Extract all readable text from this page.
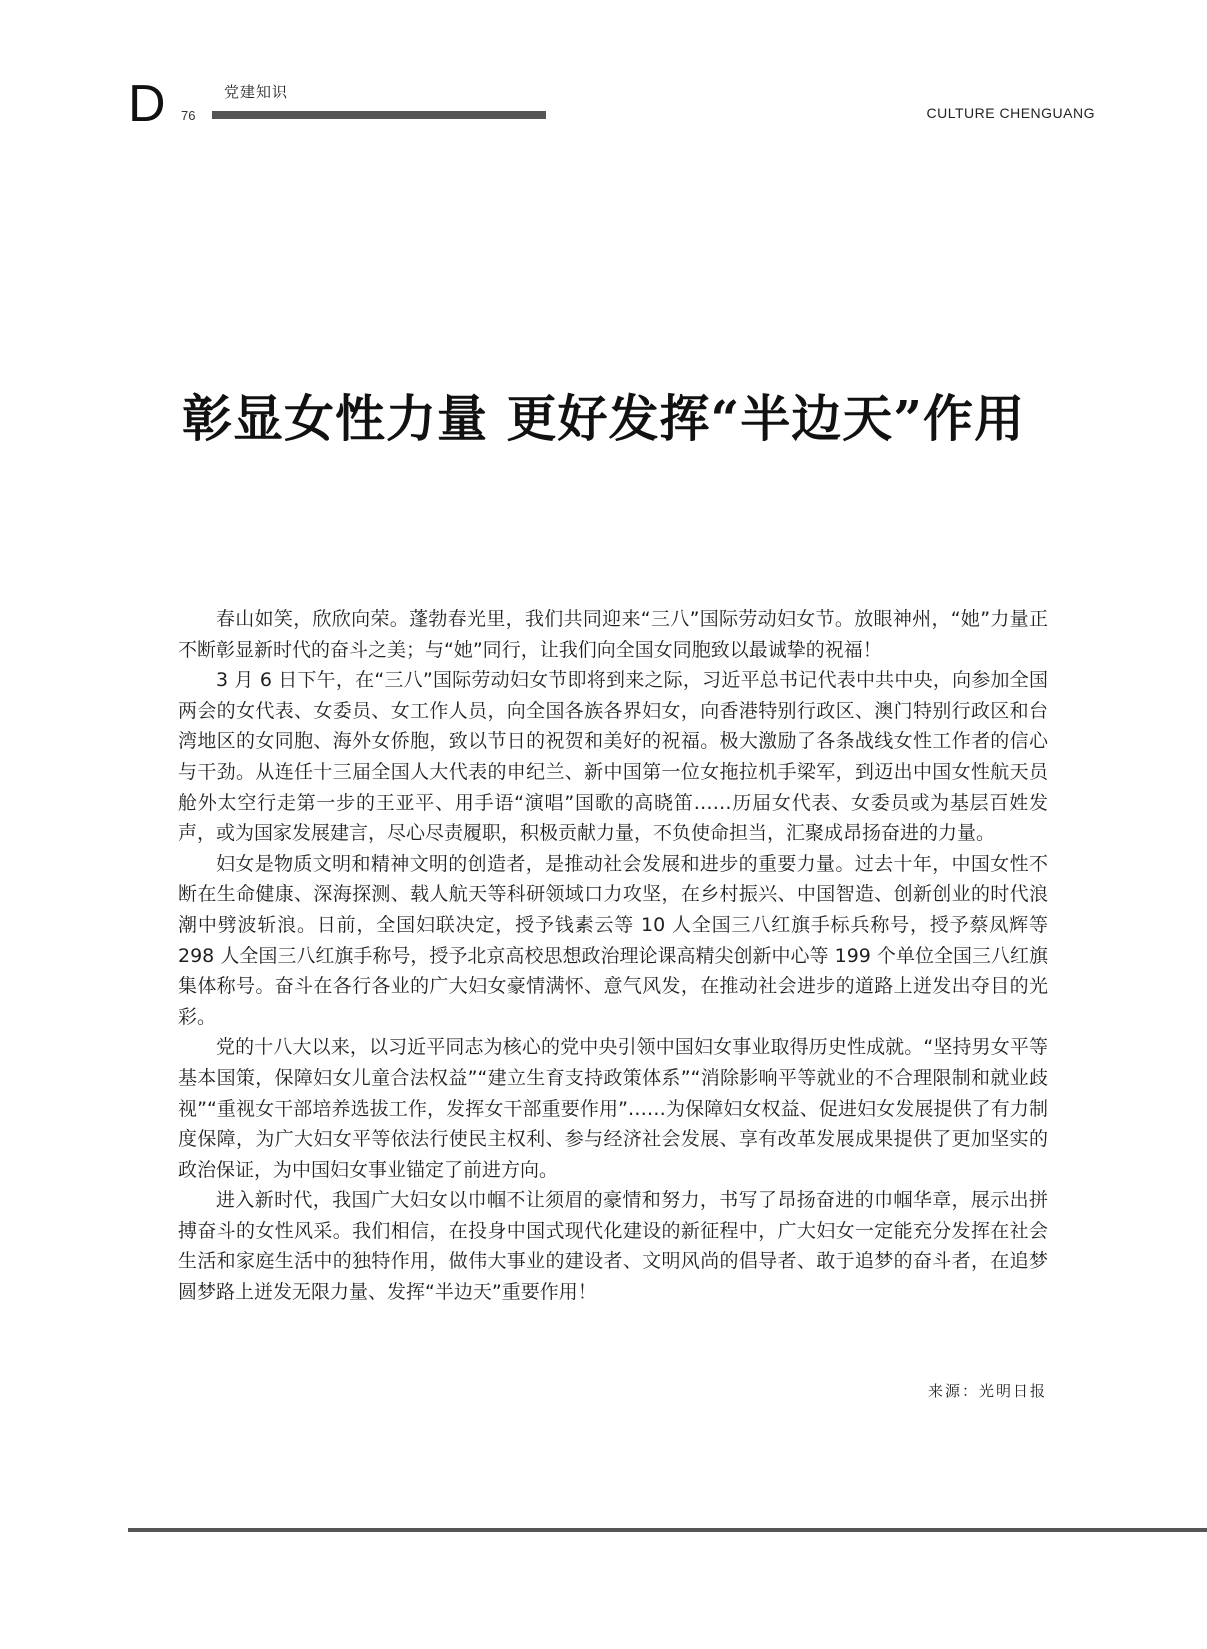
D	党建知识
76	CULTURE CHENGUANG
彰显女性力量 更好发挥“半边天”作用

春山如笑，欣欣向荣。蓬勃春光里，我们共同迎来“三八”国际劳动妇女节。放眼神州，“她”力量正不断彰显新时代的奋斗之美；与“她”同行，让我们向全国女同胞致以最诚挚的祝福！

3 月 6 日下午，在“三八”国际劳动妇女节即将到来之际，习近平总书记代表中共中央，向参加全国两会的女代表、女委员、女工作人员，向全国各族各界妇女，向香港特别行政区、澳门特别行政区和台湾地区的女同胞、海外女侨胞，致以节日的祝贺和美好的祝福。极大激励了各条战线女性工作者的信心与干劲。从连任十三届全国人大代表的申纪兰、新中国第一位女拖拉机手梁军，到迈出中国女性航天员舱外太空行走第一步的王亚平、用手语“演唱”国歌的高晓笛……历届女代表、女委员或为基层百姓发声，或为国家发展建言，尽心尽责履职，积极贡献力量，不负使命担当，汇聚成昂扬奋进的力量。

妇女是物质文明和精神文明的创造者，是推动社会发展和进步的重要力量。过去十年，中国女性不断在生命健康、深海探测、载人航天等科研领域口力攻坚，在乡村振兴、中国智造、创新创业的时代浪潮中劈波斩浪。日前，全国妇联决定，授予钱素云等 10 人全国三八红旗手标兵称号，授予蔡凤辉等 298 人全国三八红旗手称号，授予北京高校思想政治理论课高精尖创新中心等 199 个单位全国三八红旗集体称号。奋斗在各行各业的广大妇女豪情满怀、意气风发，在推动社会进步的道路上迸发出夺目的光彩。

党的十八大以来，以习近平同志为核心的党中央引领中国妇女事业取得历史性成就。“坚持男女平等基本国策，保障妇女儿童合法权益”“建立生育支持政策体系”“消除影响平等就业的不合理限制和就业歧视”“重视女干部培养选拔工作，发挥女干部重要作用”……为保障妇女权益、促进妇女发展提供了有力制度保障，为广大妇女平等依法行使民主权利、参与经济社会发展、享有改革发展成果提供了更加坚实的政治保证，为中国妇女事业锚定了前进方向。

进入新时代，我国广大妇女以巾帼不让须眉的豪情和努力，书写了昂扬奋进的巾帼华章，展示出拼搏奋斗的女性风采。我们相信，在投身中国式现代化建设的新征程中，广大妇女一定能充分发挥在社会生活和家庭生活中的独特作用，做伟大事业的建设者、文明风尚的倡导者、敢于追梦的奋斗者，在追梦圆梦路上迸发无限力量、发挥“半边天”重要作用！

来源：光明日报
